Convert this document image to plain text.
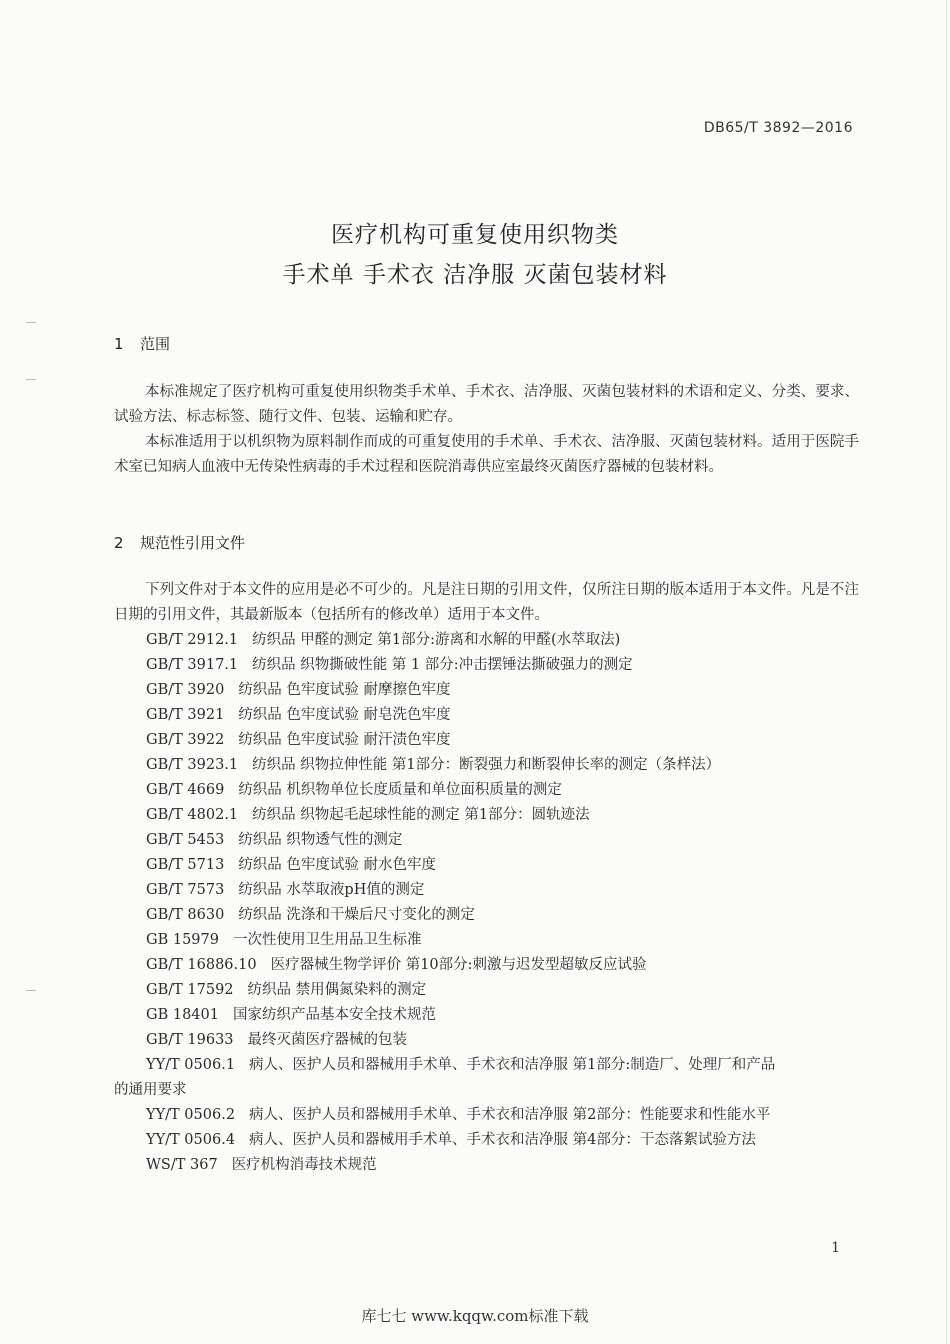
DB65/T 3892—2016
医疗机构可重复使用织物类
手术单 手术衣 洁净服 灭菌包装材料
1 范围
本标准规定了医疗机构可重复使用织物类手术单、手术衣、洁净服、灭菌包装材料的术语和定义、分类、要求、试验方法、标志标签、随行文件、包装、运输和贮存。
本标准适用于以机织物为原料制作而成的可重复使用的手术单、手术衣、洁净服、灭菌包装材料。适用于医院手术室已知病人血液中无传染性病毒的手术过程和医院消毒供应室最终灭菌医疗器械的包装材料。
2 规范性引用文件
下列文件对于本文件的应用是必不可少的。凡是注日期的引用文件，仅所注日期的版本适用于本文件。凡是不注日期的引用文件，其最新版本（包括所有的修改单）适用于本文件。
GB/T 2912.1 纺织品 甲醛的测定 第1部分:游离和水解的甲醛(水萃取法)
GB/T 3917.1 纺织品 织物撕破性能 第 1 部分:冲击摆锤法撕破强力的测定
GB/T 3920 纺织品 色牢度试验 耐摩擦色牢度
GB/T 3921 纺织品 色牢度试验 耐皂洗色牢度
GB/T 3922 纺织品 色牢度试验 耐汗渍色牢度
GB/T 3923.1 纺织品 织物拉伸性能 第1部分：断裂强力和断裂伸长率的测定（条样法）
GB/T 4669 纺织品 机织物单位长度质量和单位面积质量的测定
GB/T 4802.1 纺织品 织物起毛起球性能的测定 第1部分：圆轨迹法
GB/T 5453 纺织品 织物透气性的测定
GB/T 5713 纺织品 色牢度试验 耐水色牢度
GB/T 7573 纺织品 水萃取液pH值的测定
GB/T 8630 纺织品 洗涤和干燥后尺寸变化的测定
GB 15979 一次性使用卫生用品卫生标准
GB/T 16886.10 医疗器械生物学评价 第10部分:刺激与迟发型超敏反应试验
GB/T 17592 纺织品 禁用偶氮染料的测定
GB 18401 国家纺织产品基本安全技术规范
GB/T 19633 最终灭菌医疗器械的包装
YY/T 0506.1 病人、医护人员和器械用手术单、手术衣和洁净服 第1部分:制造厂、处理厂和产品
的通用要求
YY/T 0506.2 病人、医护人员和器械用手术单、手术衣和洁净服 第2部分：性能要求和性能水平
YY/T 0506.4 病人、医护人员和器械用手术单、手术衣和洁净服 第4部分：干态落絮试验方法
WS/T 367 医疗机构消毒技术规范
1
库七七 www.kqqw.com标准下载
